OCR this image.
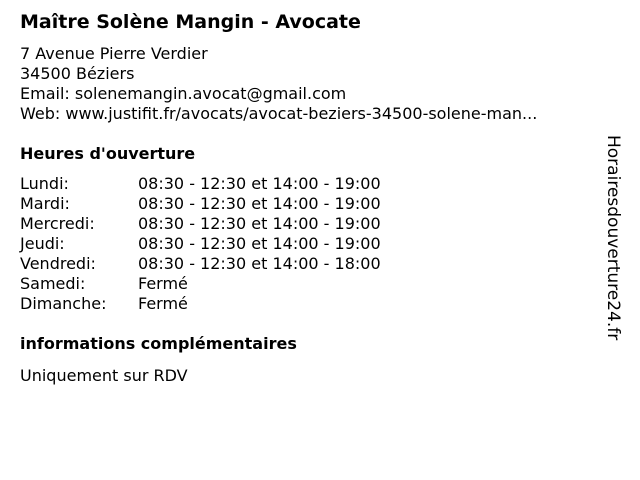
Maître Solène Mangin - Avocate
7 Avenue Pierre Verdier
34500 Béziers
Email: solenemangin.avocat@gmail.com
Web: www.justifit.fr/avocats/avocat-beziers-34500-solene-man...
Heures d'ouverture
Lundi:	08:30 - 12:30 et 14:00 - 19:00
Mardi:	08:30 - 12:30 et 14:00 - 19:00
Mercredi:	08:30 - 12:30 et 14:00 - 19:00
Jeudi:	08:30 - 12:30 et 14:00 - 19:00
Vendredi:	08:30 - 12:30 et 14:00 - 18:00
Samedi:	Fermé
Dimanche: Fermé
informations complémentaires
Uniquement sur RDV
Horairesdouverture24.fr
